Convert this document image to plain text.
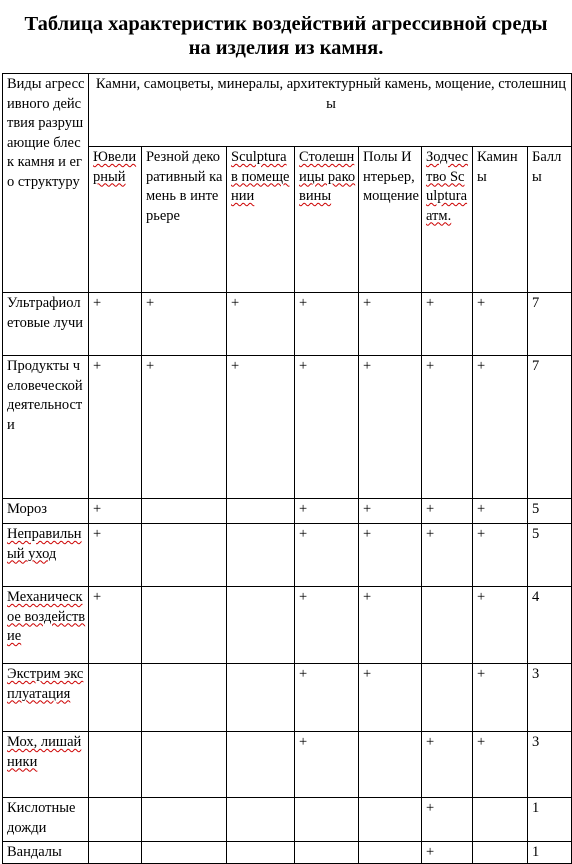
Таблица характеристик воздействий агрессивной среды
на изделия из камня.
Виды агрессивного действия разрушающие блеск камня и его структуру	Камни, самоцветы, минералы, архитектурный камень, мощение, столешницы							
	Ювелирный	Резной декоративный камень в интерьере	Sculptura в помещении	Столешницы раковины	Полы Интерьер, мощение	Зодчество Sculptura атм.	Камины	Баллы
Ультрафиолетовые лучи	+	+	+	+	+	+	+	7
Продукты человеческой деятельности	+	+	+	+	+	+	+	7
Мороз	+			+	+	+	+	5
Неправильный уход	+			+	+	+	+	5
Механическое воздействие	+			+	+		+	4
Экстрим эксплуатация				+	+		+	3
Мох, лишайники				+		+	+	3
Кислотные дожди						+		1
Вандалы						+		1
